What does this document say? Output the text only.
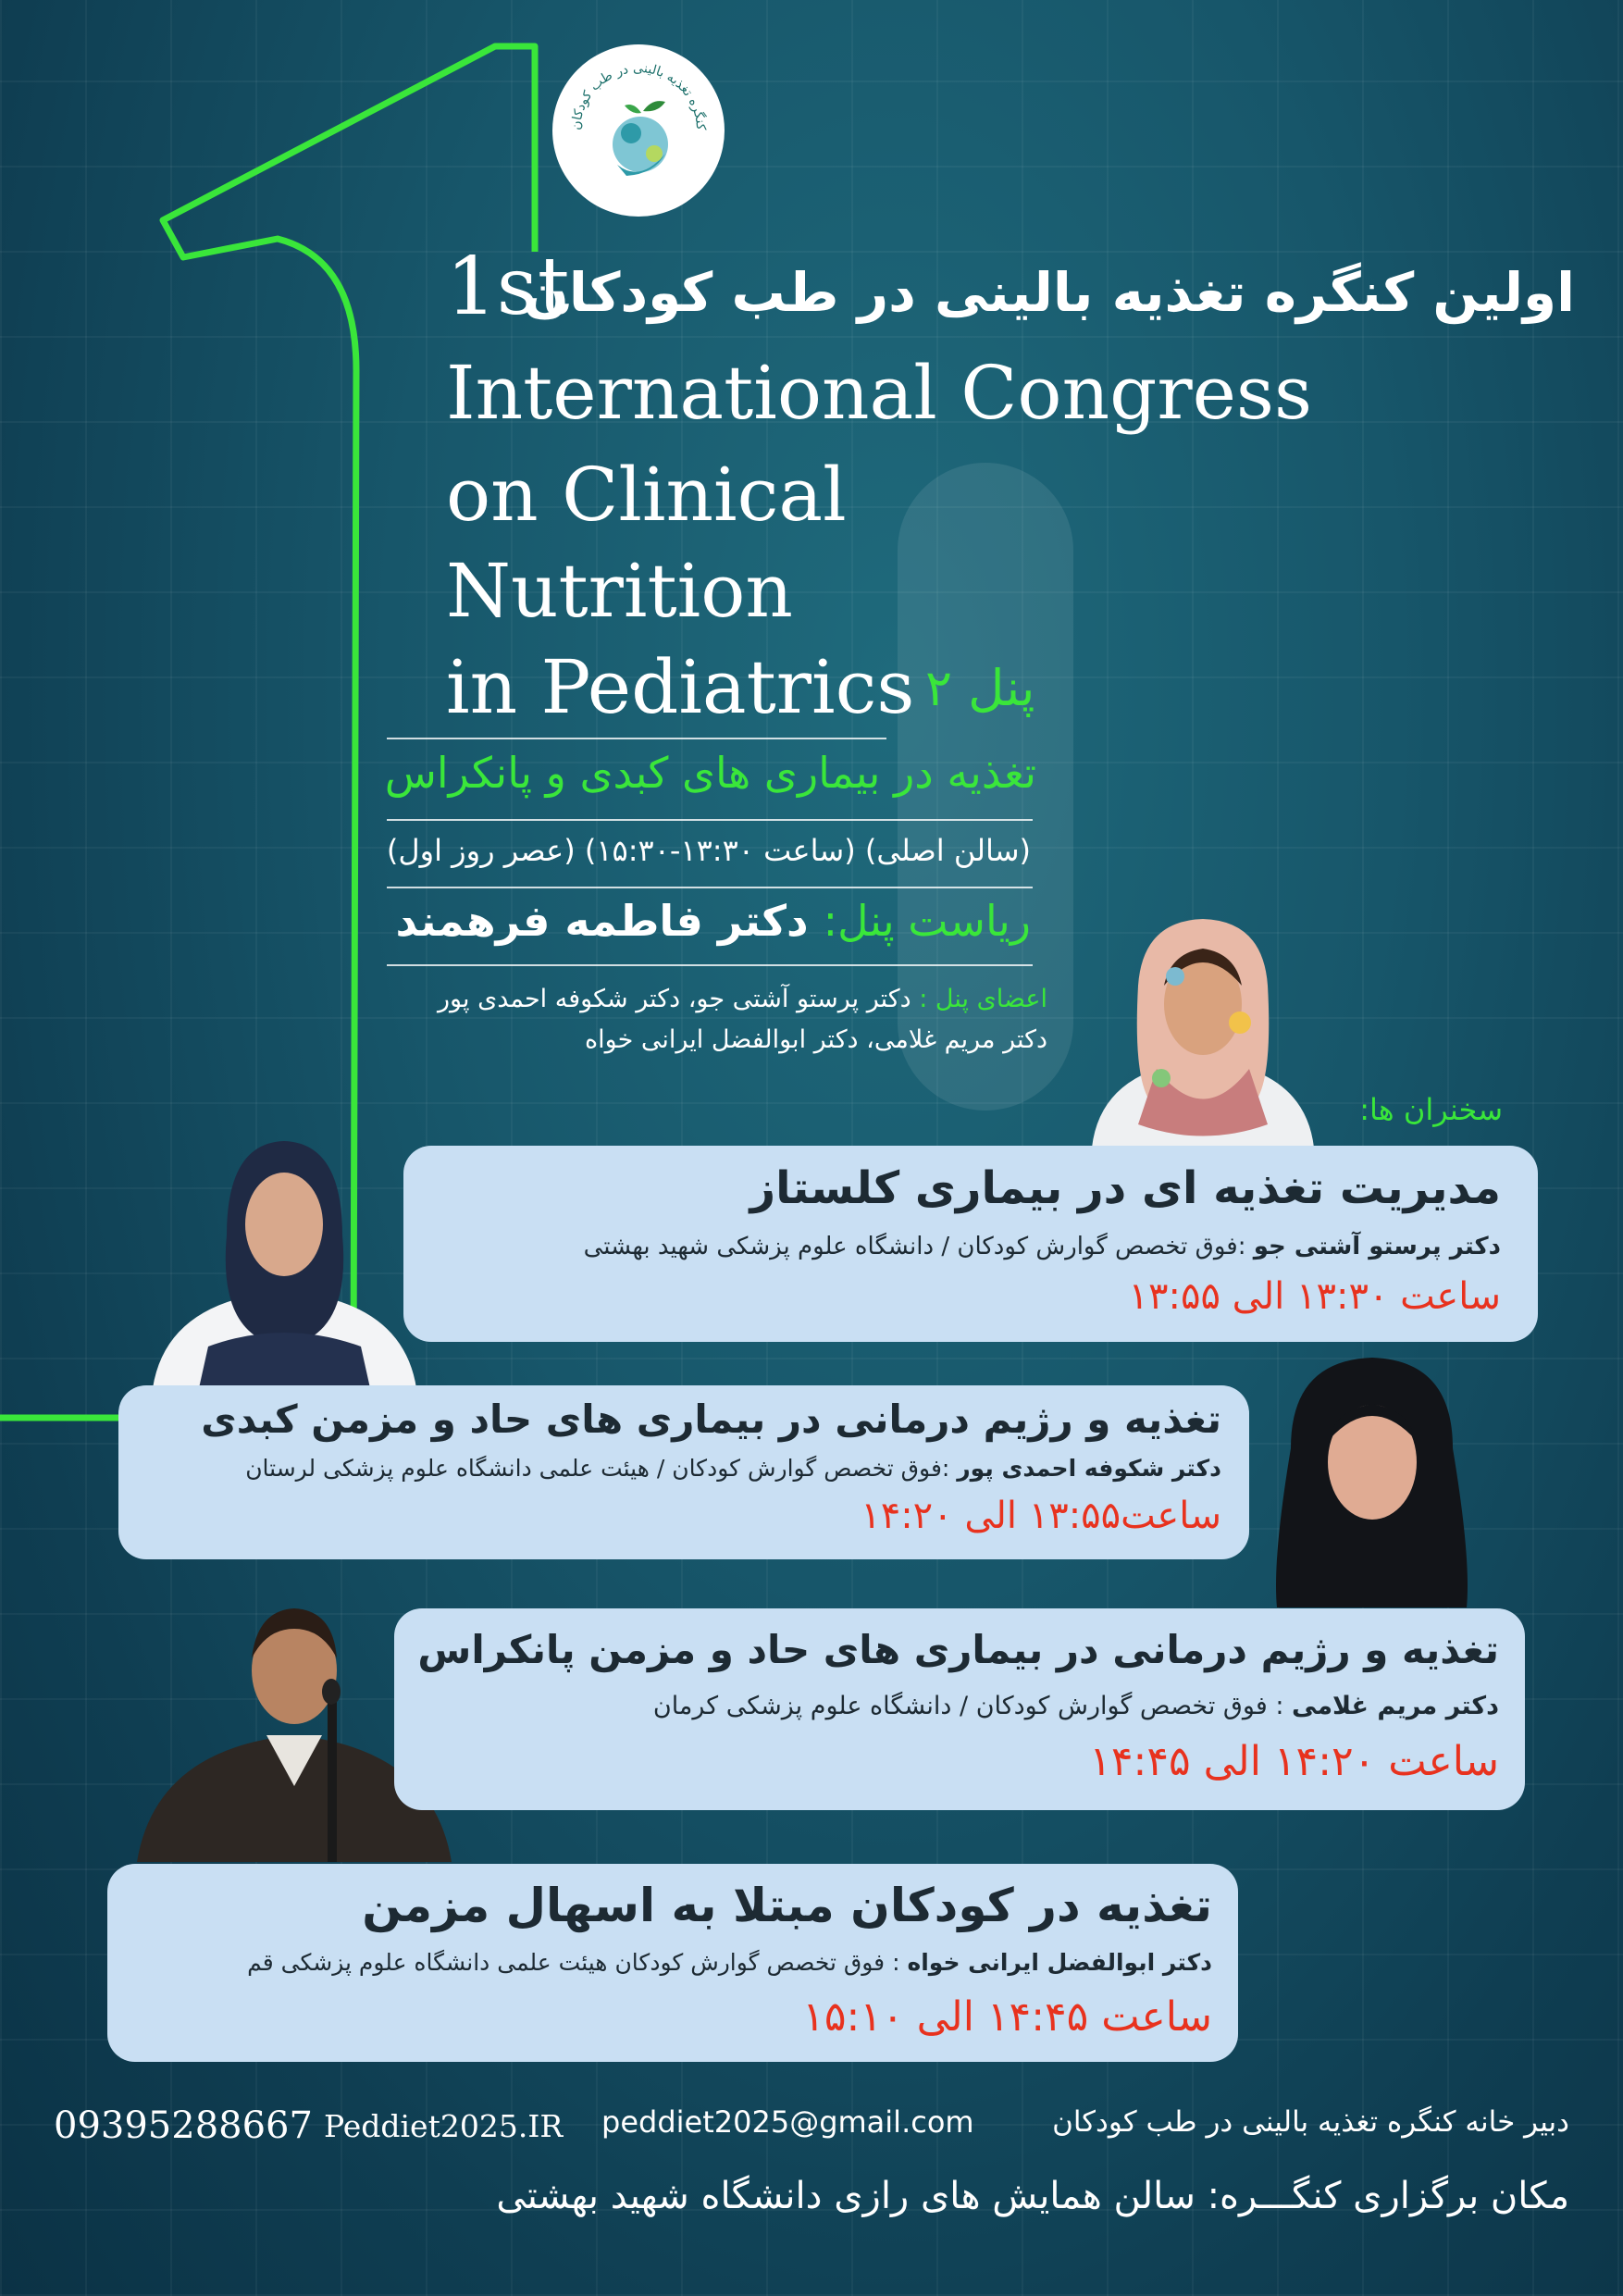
کنگره تغذیه بالینی در طب کودکان
1st
اولین کنگره تغذیه بالینی در طب کودکان
International Congress
on Clinical
Nutrition
in Pediatrics پنل ۲
تغذیه در بیماری های کبدی و پانکراس
(سالن اصلی) (ساعت ۱۳:۳۰-۱۵:۳۰) (عصر روز اول)
ریاست پنل: دکتر فاطمه فرهمند
اعضای پنل : دکتر پرستو آشتی جو، دکتر شکوفه احمدی پور
دکتر مریم غلامی، دکتر ابوالفضل ایرانی خواه
سخنران ها:
مدیریت تغذیه ای در بیماری کلستاز
دکتر پرستو آشتی جو :فوق تخصص گوارش کودکان / دانشگاه علوم پزشکی شهید بهشتی
ساعت ۱۳:۳۰ الی ۱۳:۵۵
تغذیه و رژیم درمانی در بیماری های حاد و مزمن کبدی
دکتر شکوفه احمدی پور :فوق تخصص گوارش کودکان / هیئت علمی دانشگاه علوم پزشکی لرستان
ساعت۱۳:۵۵ الی ۱۴:۲۰
تغذیه و رژیم درمانی در بیماری های حاد و مزمن پانکراس
دکتر مریم غلامی : فوق تخصص گوارش کودکان / دانشگاه علوم پزشکی کرمان
ساعت ۱۴:۲۰ الی ۱۴:۴۵
تغذیه در کودکان مبتلا به اسهال مزمن
دکتر ابوالفضل ایرانی خواه : فوق تخصص گوارش کودکان هیئت علمی دانشگاه علوم پزشکی قم
ساعت ۱۴:۴۵ الی ۱۵:۱۰
دبیر خانه کنگره تغذیه بالینی در طب کودکان
peddiet2025@gmail.com
Peddiet2025.IR
09395288667
مکان برگزاری کنگـــره: سالن همایش های رازی دانشگاه شهید بهشتی
